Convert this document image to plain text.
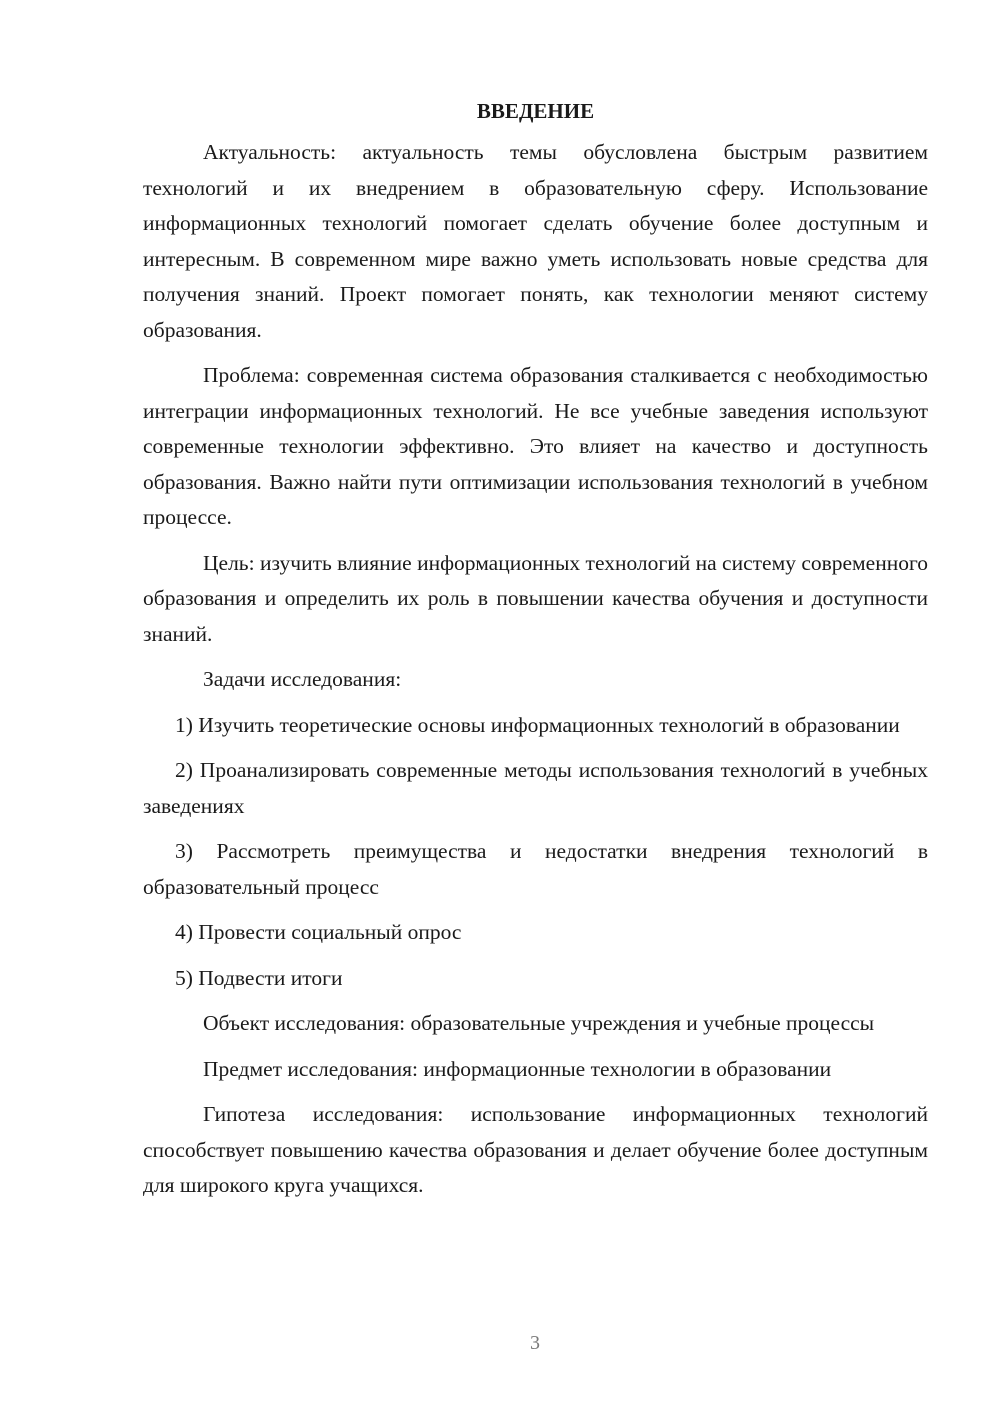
ВВЕДЕНИЕ

Актуальность: актуальность темы обусловлена быстрым развитием технологий и их внедрением в образовательную сферу. Использование информационных технологий помогает сделать обучение более доступным и интересным. В современном мире важно уметь использовать новые средства для получения знаний. Проект помогает понять, как технологии меняют систему образования.

Проблема: современная система образования сталкивается с необходимостью интеграции информационных технологий. Не все учебные заведения используют современные технологии эффективно. Это влияет на качество и доступность образования. Важно найти пути оптимизации использования технологий в учебном процессе.

Цель: изучить влияние информационных технологий на систему современного образования и определить их роль в повышении качества обучения и доступности знаний.

Задачи исследования:

1) Изучить теоретические основы информационных технологий в образовании

2) Проанализировать современные методы использования технологий в учебных заведениях

3) Рассмотреть преимущества и недостатки внедрения технологий в образовательный процесс

4) Провести социальный опрос

5) Подвести итоги

Объект исследования: образовательные учреждения и учебные процессы

Предмет исследования: информационные технологии в образовании

Гипотеза исследования: использование информационных технологий способствует повышению качества образования и делает обучение более доступным для широкого круга учащихся.

3
